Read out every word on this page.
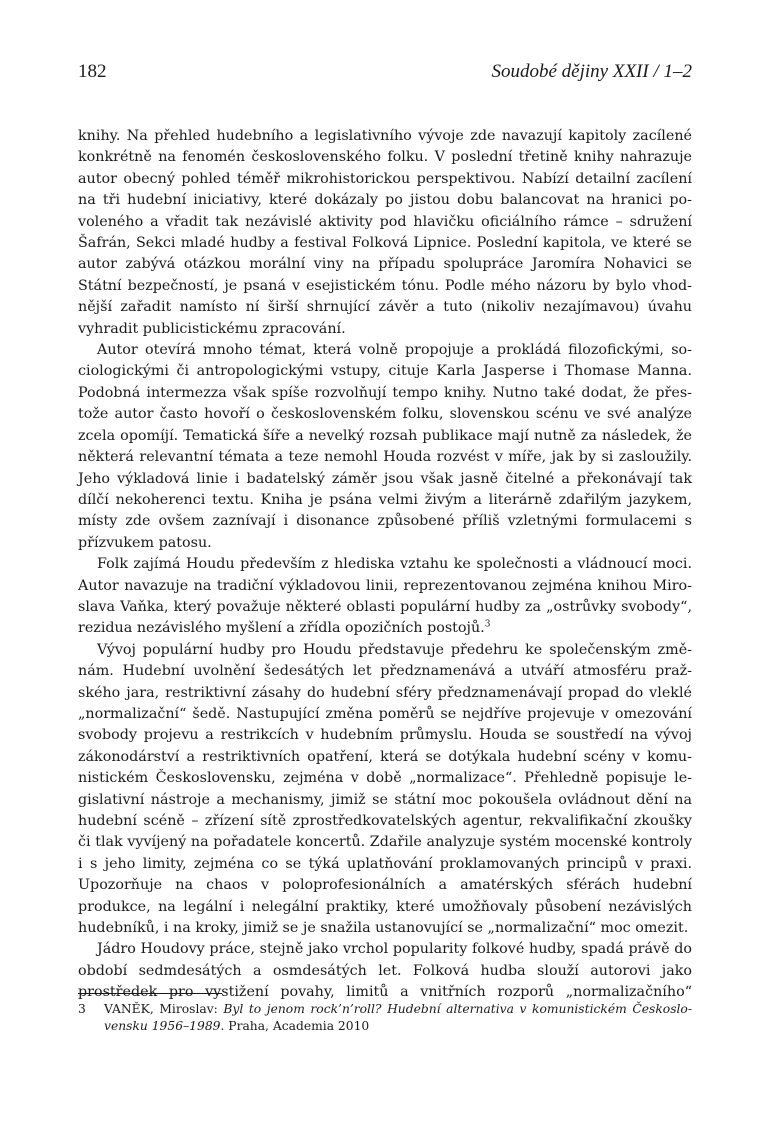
182	Soudobé dějiny XXII / 1–2

knihy. Na přehled hudebního a legislativního vývoje zde navazují kapitoly zacílené konkrétně na fenomén československého folku. V poslední třetině knihy nahrazuje autor obecný pohled téměř mikrohistorickou perspektivou. Nabízí detailní zacílení na tři hudební iniciativy, které dokázaly po jistou dobu balancovat na hranici povoleného a vřadit tak nezávislé aktivity pod hlavičku oficiálního rámce – sdružení Šafrán, Sekci mladé hudby a festival Folková Lipnice. Poslední kapitola, ve které se autor zabývá otázkou morální viny na případu spolupráce Jaromíra Nohavici se Státní bezpečností, je psaná v esejistickém tónu. Podle mého názoru by bylo vhodnější zařadit namísto ní širší shrnující závěr a tuto (nikoliv nezajímavou) úvahu vyhradit publicistickému zpracování.

Autor otevírá mnoho témat, která volně propojuje a prokládá filozofickými, sociologickými či antropologickými vstupy, cituje Karla Jasperse i Thomase Manna. Podobná intermezza však spíše rozvolňují tempo knihy. Nutno také dodat, že přestože autor často hovoří o československém folku, slovenskou scénu ve své analýze zcela opomíjí. Tematická šíře a nevelký rozsah publikace mají nutně za následek, že některá relevantní témata a teze nemohl Houda rozvést v míře, jak by si zasloužily. Jeho výkladová linie i badatelský záměr jsou však jasně čitelné a překonávají tak dílčí nekoherenci textu. Kniha je psána velmi živým a literárně zdařilým jazykem, místy zde ovšem zaznívají i disonance způsobené příliš vzletnými formulacemi s přízvukem patosu.

Folk zajímá Houdu především z hlediska vztahu ke společnosti a vládnoucí moci. Autor navazuje na tradiční výkladovou linii, reprezentovanou zejména knihou Miroslava Vaňka, který považuje některé oblasti populární hudby za „ostrůvky svobody“, rezidua nezávislého myšlení a zřídla opozičních postojů.$^3$

Vývoj populární hudby pro Houdu představuje předehru ke společenským změnám. Hudební uvolnění šedesátých let předznamenává a utváří atmosféru pražského jara, restriktivní zásahy do hudební sféry předznamenávají propad do vleklé „normalizační“ šedě. Nastupující změna poměrů se nejdříve projevuje v omezování svobody projevu a restrikcích v hudebním průmyslu. Houda se soustředí na vývoj zákonodárství a restriktivních opatření, která se dotýkala hudební scény v komunistickém Československu, zejména v době „normalizace“. Přehledně popisuje legislativní nástroje a mechanismy, jimiž se státní moc pokoušela ovládnout dění na hudební scéně – zřízení sítě zprostředkovatelských agentur, rekvalifikační zkoušky či tlak vyvíjený na pořadatele koncertů. Zdařile analyzuje systém mocenské kontroly i s jeho limity, zejména co se týká uplatňování proklamovaných principů v praxi. Upozorňuje na chaos v poloprofesionálních a amatérských sférách hudební produkce, na legální i nelegální praktiky, které umožňovaly působení nezávislých hudebníků, i na kroky, jimiž se je snažila ustanovující se „normalizační“ moc omezit.

Jádro Houdovy práce, stejně jako vrchol popularity folkové hudby, spadá právě do období sedmdesátých a osmdesátých let. Folková hudba slouží autorovi jako prostředek pro vystižení povahy, limitů a vnitřních rozporů „normalizačního“

3 VANĚK, Miroslav: Byl to jenom rock’n’roll? Hudební alternativa v komunistickém Československu 1956–1989. Praha, Academia 2010
